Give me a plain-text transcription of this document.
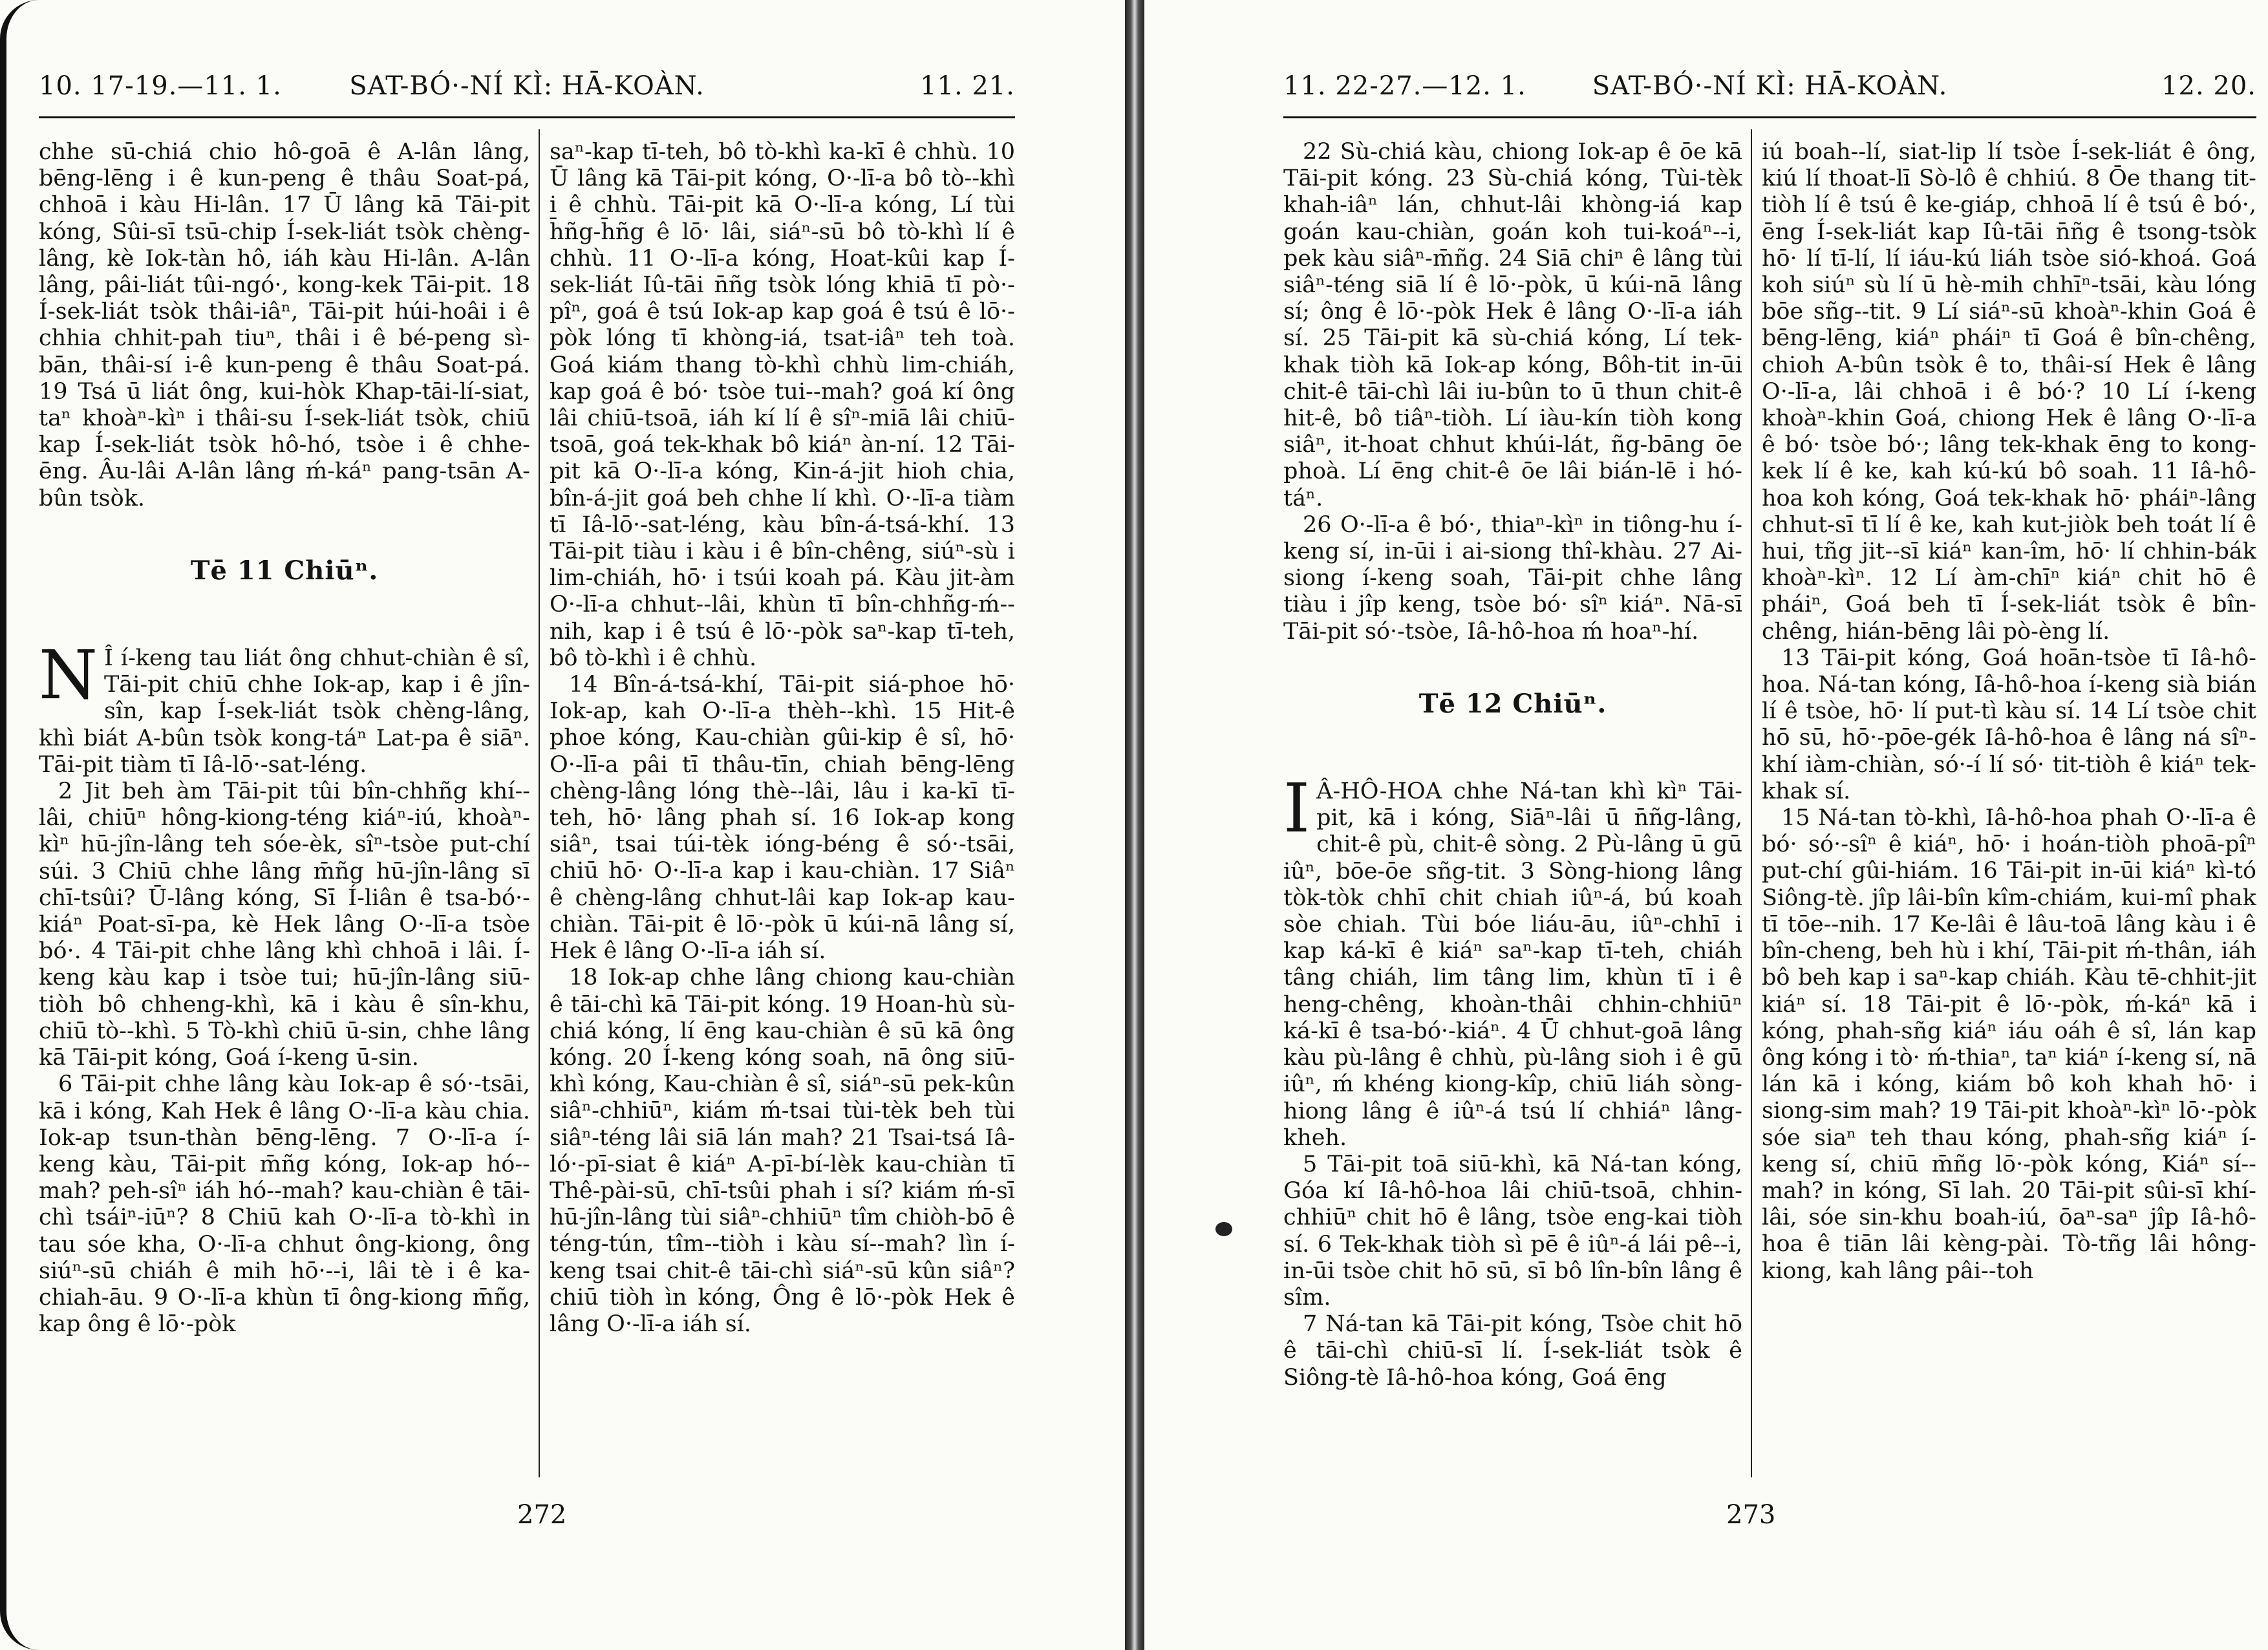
10. 17-19.—11. 1.	SAT-BÓ·-NÍ KÌ: HĀ-KOÀN.	11. 21.

chhe sū-chiá chio hô-goā ê A-lân lâng, bēng-lēng i ê kun-peng ê thâu Soat-pá, chhoā i kàu Hi-lân. 17 Ū lâng kā Tāi-pit kóng, Sûi-sī tsū-chip Í-sek-liát tsòk chèng-lâng, kè Iok-tàn hô, iáh kàu Hi-lân. A-lân lâng, pâi-liát tûi-ngó·, kong-kek Tāi-pit. 18 Í-sek-liát tsòk thâi-iâⁿ, Tāi-pit húi-hoâi i ê chhia chhit-pah tiuⁿ, thâi i ê bé-peng sì-bān, thâi-sí i-ê kun-peng ê thâu Soat-pá. 19 Tsá ū liát ông, kui-hòk Khap-tāi-lí-siat, taⁿ khoàⁿ-kìⁿ i thâi-su Í-sek-liát tsòk, chiū kap Í-sek-liát tsòk hô-hó, tsòe i ê chhe-ēng. Âu-lâi A-lân lâng ḿ-káⁿ pang-tsān A-bûn tsòk.

Tē 11 Chiūⁿ.

N Î í-keng tau liát ông chhut-chiàn ê sî, Tāi-pit chiū chhe Iok-ap, kap i ê jîn-sîn, kap Í-sek-liát tsòk chèng-lâng, khì biát A-bûn tsòk kong-táⁿ Lat-pa ê siāⁿ. Tāi-pit tiàm tī Iâ-lō·-sat-léng.

2 Jit beh àm Tāi-pit tûi bîn-chhñg khí--lâi, chiūⁿ hông-kiong-téng kiáⁿ-iú, khoàⁿ-kìⁿ hū-jîn-lâng teh sóe-èk, sîⁿ-tsòe put-chí súi. 3 Chiū chhe lâng m̄ñg hū-jîn-lâng sī chī-tsûi? Ū-lâng kóng, Sī Í-liân ê tsa-bó·-kiáⁿ Poat-sī-pa, kè Hek lâng O·-lī-a tsòe bó·. 4 Tāi-pit chhe lâng khì chhoā i lâi. Í-keng kàu kap i tsòe tui; hū-jîn-lâng siū-tiòh bô chheng-khì, kā i kàu ê sîn-khu, chiū tò--khì. 5 Tò-khì chiū ū-sin, chhe lâng kā Tāi-pit kóng, Goá í-keng ū-sin.

6 Tāi-pit chhe lâng kàu Iok-ap ê só·-tsāi, kā i kóng, Kah Hek ê lâng O·-lī-a kàu chia. Iok-ap tsun-thàn bēng-lēng. 7 O·-lī-a í-keng kàu, Tāi-pit m̄ñg kóng, Iok-ap hó--mah? peh-sîⁿ iáh hó--mah? kau-chiàn ê tāi-chì tsáiⁿ-iūⁿ? 8 Chiū kah O·-lī-a tò-khì in tau sóe kha, O·-lī-a chhut ông-kiong, ông siúⁿ-sū chiáh ê mih hō·--i, lâi tè i ê ka-chiah-āu. 9 O·-lī-a khùn tī ông-kiong m̄ñg, kap ông ê lō·-pòk

saⁿ-kap tī-teh, bô tò-khì ka-kī ê chhù. 10 Ū lâng kā Tāi-pit kóng, O·-lī-a bô tò--khì i ê chhù. Tāi-pit kā O·-lī-a kóng, Lí tùi h̄ñg-h̄ñg ê lō· lâi, siáⁿ-sū bô tò-khì lí ê chhù. 11 O·-lī-a kóng, Hoat-kûi kap Í-sek-liát Iû-tāi n̄ñg tsòk lóng khiā tī pò·-pîⁿ, goá ê tsú Iok-ap kap goá ê tsú ê lō·-pòk lóng tī khòng-iá, tsat-iâⁿ teh toà. Goá kiám thang tò-khì chhù lim-chiáh, kap goá ê bó· tsòe tui--mah? goá kí ông lâi chiū-tsoā, iáh kí lí ê sîⁿ-miā lâi chiū-tsoā, goá tek-khak bô kiáⁿ àn-ní. 12 Tāi-pit kā O·-lī-a kóng, Kin-á-jit hioh chia, bîn-á-jit goá beh chhe lí khì. O·-lī-a tiàm tī Iâ-lō·-sat-léng, kàu bîn-á-tsá-khí. 13 Tāi-pit tiàu i kàu i ê bîn-chêng, siúⁿ-sù i lim-chiáh, hō· i tsúi koah pá. Kàu jit-àm O·-lī-a chhut--lâi, khùn tī bîn-chhñg-ḿ--nih, kap i ê tsú ê lō·-pòk saⁿ-kap tī-teh, bô tò-khì i ê chhù.

14 Bîn-á-tsá-khí, Tāi-pit siá-phoe hō· Iok-ap, kah O·-lī-a thèh--khì. 15 Hit-ê phoe kóng, Kau-chiàn gûi-kip ê sî, hō· O·-lī-a pâi tī thâu-tīn, chiah bēng-lēng chèng-lâng lóng thè--lâi, lâu i ka-kī tī-teh, hō· lâng phah sí. 16 Iok-ap kong siâⁿ, tsai túi-tèk ióng-béng ê só·-tsāi, chiū hō· O·-lī-a kap i kau-chiàn. 17 Siâⁿ ê chèng-lâng chhut-lâi kap Iok-ap kau-chiàn. Tāi-pit ê lō·-pòk ū kúi-nā lâng sí, Hek ê lâng O·-lī-a iáh sí.

18 Iok-ap chhe lâng chiong kau-chiàn ê tāi-chì kā Tāi-pit kóng. 19 Hoan-hù sù-chiá kóng, lí ēng kau-chiàn ê sū kā ông kóng. 20 Í-keng kóng soah, nā ông siū-khì kóng, Kau-chiàn ê sî, siáⁿ-sū pek-kûn siâⁿ-chhiūⁿ, kiám ḿ-tsai tùi-tèk beh tùi siâⁿ-téng lâi siā lán mah? 21 Tsai-tsá Iâ-ló·-pī-siat ê kiáⁿ A-pī-bí-lèk kau-chiàn tī Thê-pài-sū, chī-tsûi phah i sí? kiám ḿ-sī hū-jîn-lâng tùi siâⁿ-chhiūⁿ tîm chiòh-bō ê téng-tún, tîm--tiòh i kàu sí--mah? lìn í-keng tsai chit-ê tāi-chì siáⁿ-sū kûn siâⁿ? chiū tiòh ìn kóng, Ông ê lō·-pòk Hek ê lâng O·-lī-a iáh sí.

272
11. 22-27.—12. 1.	SAT-BÓ·-NÍ KÌ: HĀ-KOÀN.	12. 20.

22 Sù-chiá kàu, chiong Iok-ap ê ōe kā Tāi-pit kóng. 23 Sù-chiá kóng, Tùi-tèk khah-iâⁿ lán, chhut-lâi khòng-iá kap goán kau-chiàn, goán koh tui-koáⁿ--i, pek kàu siâⁿ-m̄ñg. 24 Siā chiⁿ ê lâng tùi siâⁿ-téng siā lí ê lō·-pòk, ū kúi-nā lâng sí; ông ê lō·-pòk Hek ê lâng O·-lī-a iáh sí. 25 Tāi-pit kā sù-chiá kóng, Lí tek-khak tiòh kā Iok-ap kóng, Bôh-tit in-ūi chit-ê tāi-chì lâi iu-bûn to ū thun chit-ê hit-ê, bô tiâⁿ-tiòh. Lí iàu-kín tiòh kong siâⁿ, it-hoat chhut khúi-lát, ñg-bāng ōe phoà. Lí ēng chit-ê ōe lâi bián-lē i hó-táⁿ.

26 O·-lī-a ê bó·, thiaⁿ-kìⁿ in tiông-hu í-keng sí, in-ūi i ai-siong thî-khàu. 27 Ai-siong í-keng soah, Tāi-pit chhe lâng tiàu i jîp keng, tsòe bó· sîⁿ kiáⁿ. Nā-sī Tāi-pit só·-tsòe, Iâ-hô-hoa ḿ hoaⁿ-hí.

Tē 12 Chiūⁿ.

I Â-HÔ-HOA chhe Ná-tan khì kìⁿ Tāi-pit, kā i kóng, Siāⁿ-lâi ū n̄ñg-lâng, chit-ê pù, chit-ê sòng. 2 Pù-lâng ū gū iûⁿ, bōe-ōe sñg-tit. 3 Sòng-hiong lâng tòk-tòk chhī chit chiah iûⁿ-á, bú koah sòe chiah. Tùi bóe liáu-āu, iûⁿ-chhī i kap ká-kī ê kiáⁿ saⁿ-kap tī-teh, chiáh tâng chiáh, lim tâng lim, khùn tī i ê heng-chêng, khoàn-thâi chhin-chhiūⁿ ká-kī ê tsa-bó·-kiáⁿ. 4 Ū chhut-goā lâng kàu pù-lâng ê chhù, pù-lâng sioh i ê gū iûⁿ, ḿ khéng kiong-kîp, chiū liáh sòng-hiong lâng ê iûⁿ-á tsú lí chhiáⁿ lâng-kheh.

5 Tāi-pit toā siū-khì, kā Ná-tan kóng, Góa kí Iâ-hô-hoa lâi chiū-tsoā, chhin-chhiūⁿ chit hō ê lâng, tsòe eng-kai tiòh sí. 6 Tek-khak tiòh sì pē ê iûⁿ-á lái pê--i, in-ūi tsòe chit hō sū, sī bô lîn-bîn lâng ê sîm.

7 Ná-tan kā Tāi-pit kóng, Tsòe chit hō ê tāi-chì chiū-sī lí. Í-sek-liát tsòk ê Siông-tè Iâ-hô-hoa kóng, Goá ēng

iú boah--lí, siat-lip lí tsòe Í-sek-liát ê ông, kiú lí thoat-lī Sò-lô ê chhiú. 8 Ōe thang tit-tiòh lí ê tsú ê ke-giáp, chhoā lí ê tsú ê bó·, ēng Í-sek-liát kap Iû-tāi n̄ñg ê tsong-tsòk hō· lí tī-lí, lí iáu-kú liáh tsòe sió-khoá. Goá koh siúⁿ sù lí ū hè-mih chhīⁿ-tsāi, kàu lóng bōe sñg--tit. 9 Lí siáⁿ-sū khoàⁿ-khin Goá ê bēng-lēng, kiáⁿ pháiⁿ tī Goá ê bîn-chêng, chioh A-bûn tsòk ê to, thâi-sí Hek ê lâng O·-lī-a, lâi chhoā i ê bó·? 10 Lí í-keng khoàⁿ-khin Goá, chiong Hek ê lâng O·-lī-a ê bó· tsòe bó·; lâng tek-khak ēng to kong-kek lí ê ke, kah kú-kú bô soah. 11 Iâ-hô-hoa koh kóng, Goá tek-khak hō· pháiⁿ-lâng chhut-sī tī lí ê ke, kah kut-jiòk beh toát lí ê hui, tñg jit--sī kiáⁿ kan-îm, hō· lí chhin-bák khoàⁿ-kìⁿ. 12 Lí àm-chīⁿ kiáⁿ chit hō ê pháiⁿ, Goá beh tī Í-sek-liát tsòk ê bîn-chêng, hián-bēng lâi pò-èng lí.

13 Tāi-pit kóng, Goá hoān-tsòe tī Iâ-hô-hoa. Ná-tan kóng, Iâ-hô-hoa í-keng sià bián lí ê tsòe, hō· lí put-tì kàu sí. 14 Lí tsòe chit hō sū, hō·-pōe-gék Iâ-hô-hoa ê lâng ná sîⁿ-khí iàm-chiàn, só·-í lí só· tit-tiòh ê kiáⁿ tek-khak sí.

15 Ná-tan tò-khì, Iâ-hô-hoa phah O·-lī-a ê bó· só·-sîⁿ ê kiáⁿ, hō· i hoán-tiòh phoā-pîⁿ put-chí gûi-hiám. 16 Tāi-pit in-ūi kiáⁿ kì-tó Siông-tè. jîp lâi-bîn kîm-chiám, kui-mî phak tī tōe--nih. 17 Ke-lâi ê lâu-toā lâng kàu i ê bîn-cheng, beh hù i khí, Tāi-pit ḿ-thân, iáh bô beh kap i saⁿ-kap chiáh. Kàu tē-chhit-jit kiáⁿ sí. 18 Tāi-pit ê lō·-pòk, ḿ-káⁿ kā i kóng, phah-sñg kiáⁿ iáu oáh ê sî, lán kap ông kóng i tò· ḿ-thiaⁿ, taⁿ kiáⁿ í-keng sí, nā lán kā i kóng, kiám bô koh khah hō· i siong-sim mah? 19 Tāi-pit khoàⁿ-kìⁿ lō·-pòk sóe siaⁿ teh thau kóng, phah-sñg kiáⁿ í-keng sí, chiū m̄ñg lō·-pòk kóng, Kiáⁿ sí--mah? in kóng, Sī lah. 20 Tāi-pit sûi-sī khí-lâi, sóe sin-khu boah-iú, ōaⁿ-saⁿ jîp Iâ-hô-hoa ê tiān lâi kèng-pài. Tò-tñg lâi hông-kiong, kah lâng pâi--toh

273
